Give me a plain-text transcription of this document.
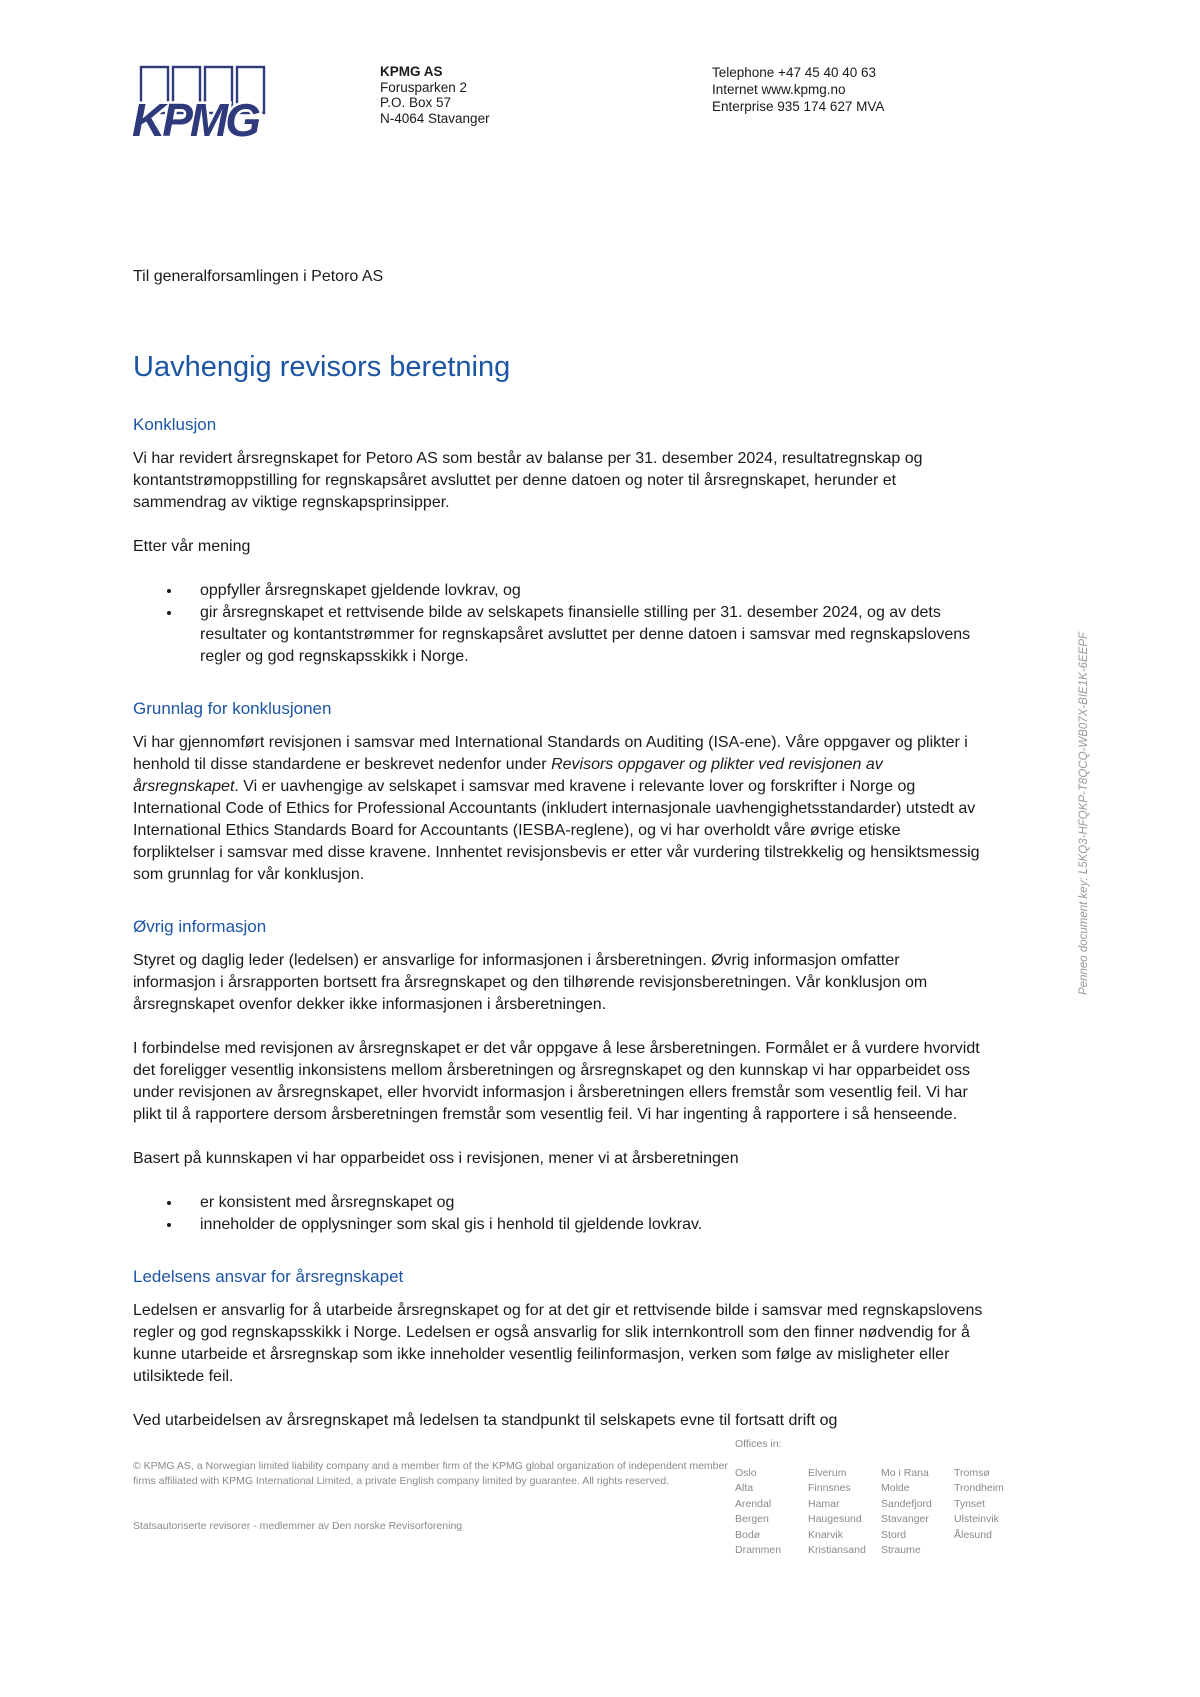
KPMG
KPMG AS
Forusparken 2
P.O. Box 57
N-4064 Stavanger
Telephone +47 45 40 40 63
Internet www.kpmg.no
Enterprise 935 174 627 MVA

Til generalforsamlingen i Petoro AS

Uavhengig revisors beretning
Konklusjon

Vi har revidert årsregnskapet for Petoro AS som består av balanse per 31. desember 2024, resultatregnskap og kontantstrømoppstilling for regnskapsåret avsluttet per denne datoen og noter til årsregnskapet, herunder et sammendrag av viktige regnskapsprinsipper.

Etter vår mening

• oppfyller årsregnskapet gjeldende lovkrav, og
• gir årsregnskapet et rettvisende bilde av selskapets finansielle stilling per 31. desember 2024, og av dets resultater og kontantstrømmer for regnskapsåret avsluttet per denne datoen i samsvar med regnskapslovens regler og god regnskapsskikk i Norge.
Grunnlag for konklusjonen

Vi har gjennomført revisjonen i samsvar med International Standards on Auditing (ISA-ene). Våre oppgaver og plikter i henhold til disse standardene er beskrevet nedenfor under Revisors oppgaver og plikter ved revisjonen av årsregnskapet. Vi er uavhengige av selskapet i samsvar med kravene i relevante lover og forskrifter i Norge og International Code of Ethics for Professional Accountants (inkludert internasjonale uavhengighetsstandarder) utstedt av International Ethics Standards Board for Accountants (IESBA-reglene), og vi har overholdt våre øvrige etiske forpliktelser i samsvar med disse kravene. Innhentet revisjonsbevis er etter vår vurdering tilstrekkelig og hensiktsmessig som grunnlag for vår konklusjon.

Øvrig informasjon

Styret og daglig leder (ledelsen) er ansvarlige for informasjonen i årsberetningen. Øvrig informasjon omfatter informasjon i årsrapporten bortsett fra årsregnskapet og den tilhørende revisjonsberetningen. Vår konklusjon om årsregnskapet ovenfor dekker ikke informasjonen i årsberetningen.

I forbindelse med revisjonen av årsregnskapet er det vår oppgave å lese årsberetningen. Formålet er å vurdere hvorvidt det foreligger vesentlig inkonsistens mellom årsberetningen og årsregnskapet og den kunnskap vi har opparbeidet oss under revisjonen av årsregnskapet, eller hvorvidt informasjon i årsberetningen ellers fremstår som vesentlig feil. Vi har plikt til å rapportere dersom årsberetningen fremstår som vesentlig feil. Vi har ingenting å rapportere i så henseende.

Basert på kunnskapen vi har opparbeidet oss i revisjonen, mener vi at årsberetningen

• er konsistent med årsregnskapet og
• inneholder de opplysninger som skal gis i henhold til gjeldende lovkrav.
Ledelsens ansvar for årsregnskapet

Ledelsen er ansvarlig for å utarbeide årsregnskapet og for at det gir et rettvisende bilde i samsvar med regnskapslovens regler og god regnskapsskikk i Norge. Ledelsen er også ansvarlig for slik internkontroll som den finner nødvendig for å kunne utarbeide et årsregnskap som ikke inneholder vesentlig feilinformasjon, verken som følge av misligheter eller utilsiktede feil.

Ved utarbeidelsen av årsregnskapet må ledelsen ta standpunkt til selskapets evne til fortsatt drift og

Penneo document key: L5KQ3-HFQKP-T8QCQ-WB07X-BIE1K-6EEPF
© KPMG AS, a Norwegian limited liability company and a member firm of the KPMG global organization of independent member firms affiliated with KPMG International Limited, a private English company limited by guarantee. All rights reserved.
Statsautoriserte revisorer - medlemmer av Den norske Revisorforening
Offices in:
Oslo
Alta
Arendal
Bergen
Bodø
Drammen
Elverum
Finnsnes
Hamar
Haugesund
Knarvik
Kristiansand
Mo i Rana
Molde
Sandefjord
Stavanger
Stord
Straume
Tromsø
Trondheim
Tynset
Ulsteinvik
Ålesund
